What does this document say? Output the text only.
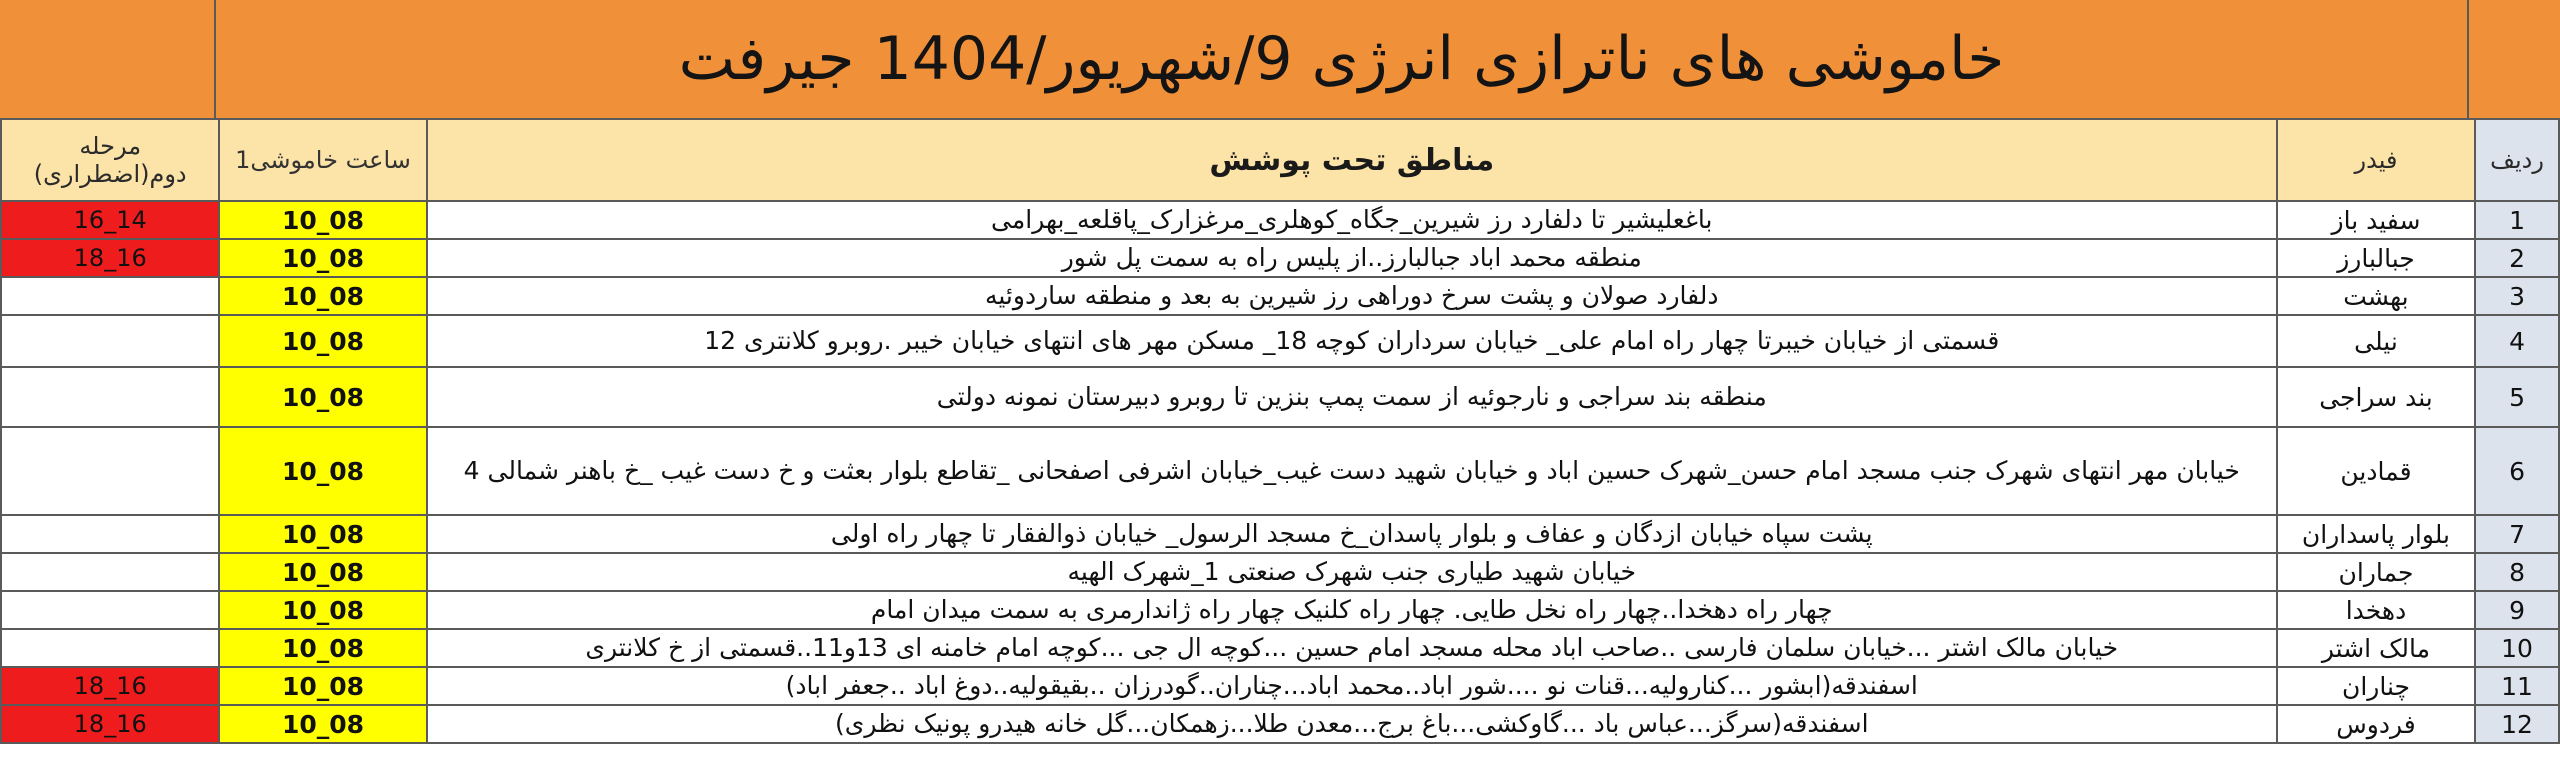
خاموشی های ناترازی انرژی 9/شهریور/1404 جیرفت
مرحله دوم(اضطراری)	ساعت خاموشی1	مناطق تحت پوشش	فیدر	ردیف
14_16	08_10	باغعلیشیر تا دلفارد رز شیرین_جگاه_کوهلری_مرغزارک_پاقلعه_بهرامی	سفید باز	1
16_18	08_10	منطقه محمد اباد جبالبارز..از پلیس راه به سمت پل شور	جبالبارز	2
	08_10	دلفارد صولان و پشت سرخ دوراهی رز شیرین به بعد و منطقه ساردوئیه	بهشت	3
	08_10	قسمتی از خیابان خیبرتا چهار راه امام علی_ خیابان سرداران کوچه 18_ مسکن مهر های انتهای خیابان خیبر .روبرو کلانتری 12	نیلی	4
	08_10	منطقه بند سراجی و نارجوئیه از سمت پمپ بنزین تا روبرو دبیرستان نمونه دولتی	بند سراجی	5
	08_10	خیابان مهر انتهای شهرک جنب مسجد امام حسن_شهرک حسین اباد و خیابان شهید دست غیب_خیابان اشرفی اصفحانی _تقاطع بلوار بعثت و خ دست غیب _خ باهنر شمالی 4	قمادین	6
	08_10	پشت سپاه خیابان ازدگان و عفاف و بلوار پاسدان_خ مسجد الرسول_ خیابان ذوالفقار تا چهار راه اولی	بلوار پاسداران	7
	08_10	خیابان شهید طیاری جنب شهرک صنعتی 1_شهرک الهیه	جماران	8
	08_10	چهار راه دهخدا..چهار راه نخل طایی. چهار راه کلنیک چهار راه ژاندارمری به سمت میدان امام	دهخدا	9
	08_10	خیابان مالک اشتر ...خیابان سلمان فارسی ..صاحب اباد محله مسجد امام حسین ...کوچه ال جی ...کوچه امام خامنه ای 13و11..قسمتی از خ کلانتری	مالک اشتر	10
16_18	08_10	اسفندقه(ابشور ...کنارولیه...قنات نو ....شور اباد..محمد اباد...چناران..گودرزان ..بقیقولیه..دوغ اباد ..جعفر اباد)	چناران	11
16_18	08_10	اسفندقه(سرگز...عباس باد ...گاوکشی...باغ برج...معدن طلا...زهمکان...گل خانه هیدرو پونیک نظری)	فردوس	12
